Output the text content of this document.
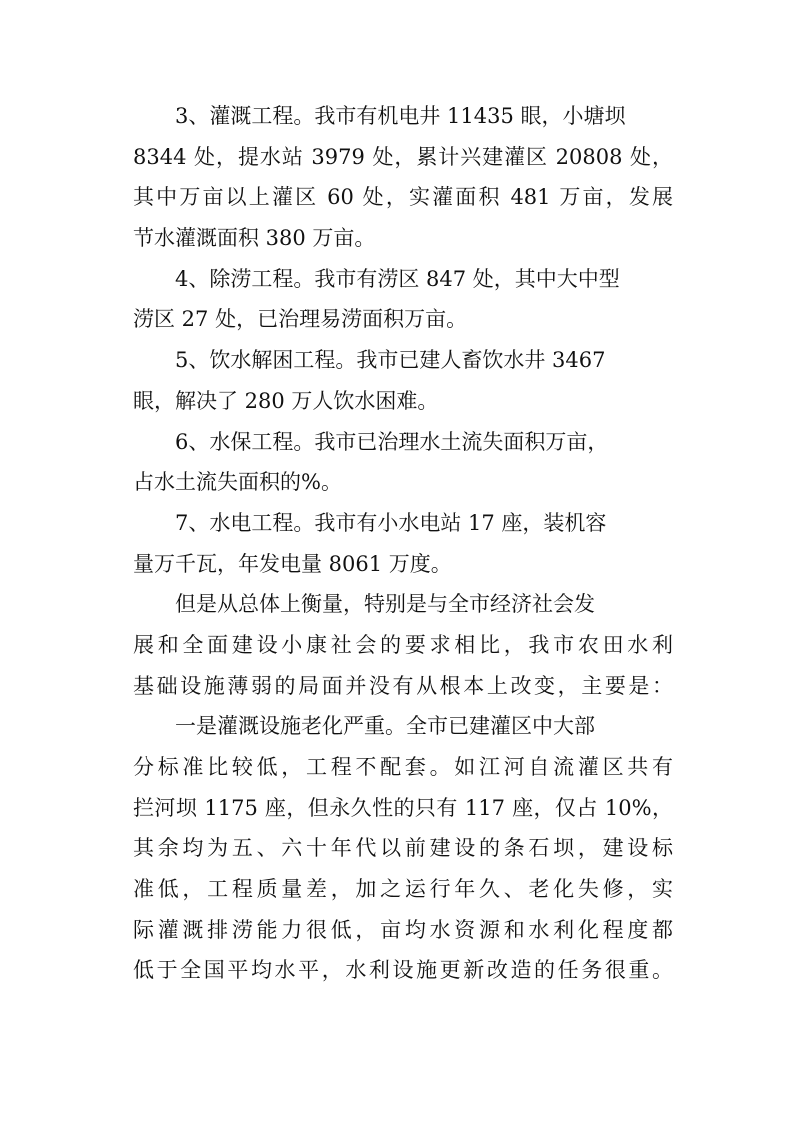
3、灌溉工程。我市有机电井 11435 眼，小塘坝
8344 处，提水站 3979 处，累计兴建灌区 20808 处，
其中万亩以上灌区 60 处，实灌面积 481 万亩，发展
节水灌溉面积 380 万亩。
4、除涝工程。我市有涝区 847 处，其中大中型
涝区 27 处，已治理易涝面积万亩。
5、饮水解困工程。我市已建人畜饮水井 3467
眼，解决了 280 万人饮水困难。
6、水保工程。我市已治理水土流失面积万亩，
占水土流失面积的%。
7、水电工程。我市有小水电站 17 座，装机容
量万千瓦，年发电量 8061 万度。
但是从总体上衡量，特别是与全市经济社会发
展和全面建设小康社会的要求相比，我市农田水利
基础设施薄弱的局面并没有从根本上改变，主要是：
一是灌溉设施老化严重。全市已建灌区中大部
分标准比较低，工程不配套。如江河自流灌区共有
拦河坝 1175 座，但永久性的只有 117 座，仅占 10%，
其余均为五、六十年代以前建设的条石坝，建设标
准低，工程质量差，加之运行年久、老化失修，实
际灌溉排涝能力很低，亩均水资源和水利化程度都
低于全国平均水平，水利设施更新改造的任务很重。
